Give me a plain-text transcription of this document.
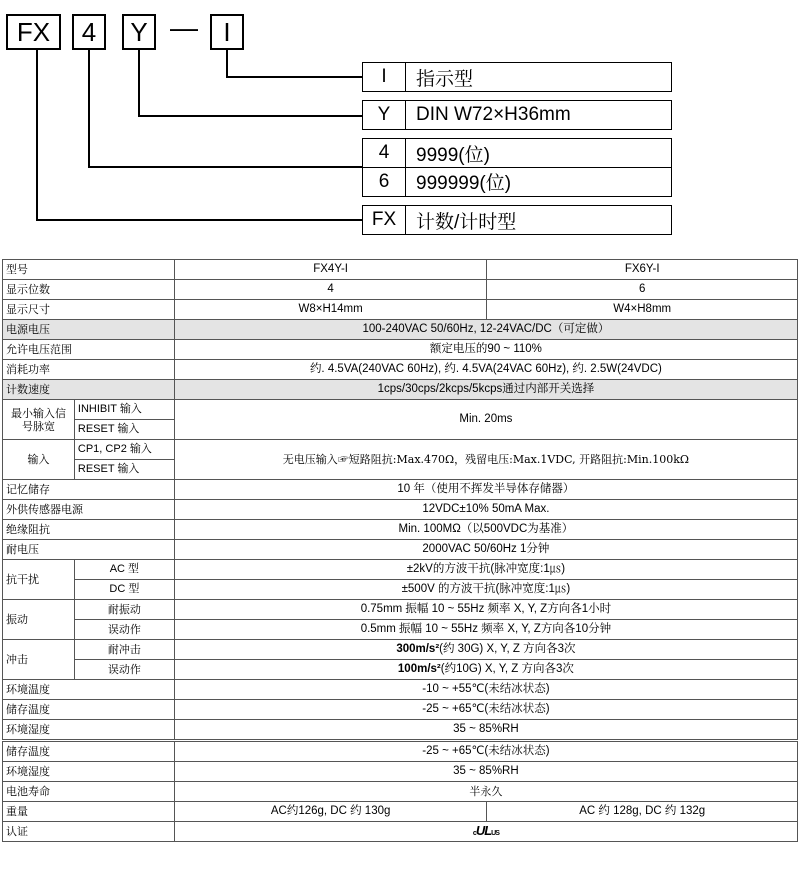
FX 4 Y — I
I	指示型
Y	DIN W72×H36mm
4	9999(位)
6	999999(位)
FX	计数/计时型
型号		FX4Y-I	FX6Y-I
显示位数		4	6
显示尺寸		W8×H14mm	W4×H8mm
电源电压		100-240VAC 50/60Hz, 12-24VAC/DC（可定做）	
允许电压范围		额定电压的90 ~ 110%	
消耗功率		约. 4.5VA(240VAC 60Hz), 约. 4.5VA(24VAC 60Hz), 约. 2.5W(24VDC)	
计数速度		1cps/30cps/2kcps/5kcps通过内部开关选择	
最小输入信号脉宽	INHIBIT 输入	Min. 20ms	
	RESET 输入		
输入	CP1, CP2 输入	无电压输入☞短路阻抗:Max.470Ω，残留电压:Max.1VDC, 开路阻抗:Min.100kΩ	
	RESET 输入		
记忆储存		10 年（使用不挥发半导体存储器）	
外供传感器电源		12VDC±10% 50mA Max.	
绝缘阻抗		Min. 100MΩ（以500VDC为基准）	
耐电压		2000VAC 50/60Hz 1分钟	
抗干扰	AC 型	±2kV的方波干抗(脉冲宽度:1㎲)	
	DC 型	±500V 的方波干抗(脉冲宽度:1㎲)	
振动	耐振动	0.75mm 振幅 10 ~ 55Hz 频率 X, Y, Z方向各1小时	
	误动作	0.5mm 振幅 10 ~ 55Hz 频率 X, Y, Z方向各10分钟	
冲击	耐冲击	300m/s²(约 30G) X, Y, Z 方向各3次	
	误动作	100m/s²(约10G) X, Y, Z 方向各3次	
环境温度		-10 ~ +55℃(未结冰状态)	
储存温度		-25 ~ +65℃(未结冰状态)	
环境湿度		35 ~ 85%RH	
储存温度		-25 ~ +65℃(未结冰状态)	
环境湿度		35 ~ 85%RH	
电池寿命		半永久	
重量		AC约126g, DC 约 130g	AC 约 128g, DC 约 132g
认证		cULUS	
